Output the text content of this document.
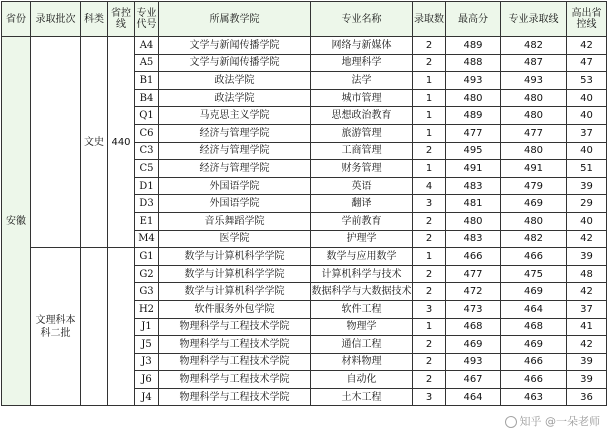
省份	录取批次	科类	省控线	专业代号	所属教学院	专业名称	录取数	最高分	专业录取线	高出省控线
安徽		文史	440	A4	文学与新闻传播学院	网络与新媒体	2	489	482	42
				A5	文学与新闻传播学院	地理科学	2	488	487	47
				B1	政法学院	法学	1	493	493	53
				B4	政法学院	城市管理	1	480	480	40
				Q1	马克思主义学院	思想政治教育	1	489	480	40
				C6	经济与管理学院	旅游管理	1	477	477	37
				C3	经济与管理学院	工商管理	2	495	480	40
				C5	经济与管理学院	财务管理	1	491	491	51
				D1	外国语学院	英语	4	483	479	39
				D3	外国语学院	翻译	3	481	469	29
				E1	音乐舞蹈学院	学前教育	2	480	480	40
				M4	医学院	护理学	2	483	482	42
	文理科本科二批			G1	数学与计算机科学学院	数学与应用数学	1	466	466	39
				G2	数学与计算机科学学院	计算机科学与技术	2	477	475	48
				G3	数学与计算机科学学院	数据科学与大数据技术	2	472	469	42
				H2	软件服务外包学院	软件工程	3	473	464	37
				J1	物理科学与工程技术学院	物理学	1	468	468	41
				J5	物理科学与工程技术学院	通信工程	2	469	469	42
				J3	物理科学与工程技术学院	材料物理	2	493	466	39
				J6	物理科学与工程技术学院	自动化	2	467	466	39
				J4	物理科学与工程技术学院	土木工程	3	464	463	36
知乎 @一朵老师
